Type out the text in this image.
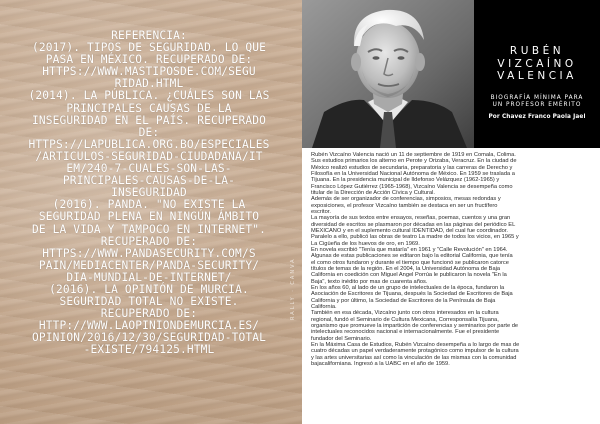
REFERENCIA:
(2017). TIPOS DE SEGURIDAD. LO QUE
PASA EN MÉXICO. RECUPERADO DE:
HTTPS://WWW.MASTIPOSDE.COM/SEGU
RIDAD.HTML
(2014). LA PÚBLICA. ¿CUÁLES SON LAS
PRINCIPALES CAUSAS DE LA
INSEGURIDAD EN EL PAÍS. RECUPERADO
DE:
HTTPS://LAPUBLICA.ORG.BO/ESPECIALES
/ARTICULOS-SEGURIDAD-CIUDADANA/IT
EM/240-7-CUALES-SON-LAS-
PRINCIPALES-CAUSAS-DE-LA-
INSEGURIDAD
(2016). PANDA. "NO EXISTE LA
SEGURIDAD PLENA EN NINGÚN ÁMBITO
DE LA VIDA Y TAMPOCO EN INTERNET".
RECUPERADO DE:
HTTPS://WWW.PANDASECURITY.COM/S
PAIN/MEDIACENTER/PANDA-SECURITY/
DIA-MUNDIAL-DE-INTERNET/
(2016). LA OPINIÓN DE MURCIA.
SEGURIDAD TOTAL NO EXISTE.
RECUPERADO DE:
HTTP://WWW.LAOPINIONDEMURCIA.ES/
OPINION/2016/12/30/SEGURIDAD-TOTAL
-EXISTE/794125.HTML

RALLY · CANVA
RUBÉN
VIZCAÍNO
VALENCIA
BIOGRAFÍA MÍNIMA PARA
UN PROFESOR EMÉRITO
Por Chavez Franco Paola Jael

Rubén Vizcaíno Valencia nació un 11 de septiembre de 1919 en Comala, Colima.
Sus estudios primarios los alterno en Perote y Orizaba, Veracruz. En la ciudad de
México realizó estudios de secundaria, preparatoria y las carreras de Derecho y
Filosofía en la Universidad Nacional Autónoma de México. En 1959 se traslada a
Tijuana. En la presidencia municipal de Ildefonso Velázquez (1962-1965) y
Francisco López Gutiérrez (1965-1968), Vizcaíno Valencia se desempeña como
titular de la Dirección de Acción Cívica y Cultural.
Además de ser organizador de conferencias, simposios, mesas redondas y
exposiciones, el profesor Vizcaíno también se destaca en ser un fructífero
escritor.
La mayoría de sus textos entre ensayos, reseñas, poemas, cuentos y una gran
diversidad de escritos se plasmaron por décadas en las páginas del periódico EL
MEXICANO y en el suplemento cultural IDENTIDAD, del cual fue coordinador.
Paralelo a ello, publicó las obras de teatro La madre de todos los vicios, en 1965 y
La Cigüeña de los huevos de oro, en 1969.
En novela escribió "Tenía que mataría" en 1961 y "Calle Revolución" en 1964.
Algunas de estas publicaciones se editaron bajo la editorial California, que tenía
el como otros fundaron y durante el tiempo que funcionó se publicaron catorce
títulos de temas de la región. En el 2004, la Universidad Autónoma de Baja
California en coedición con Miguel Angel Porrúa le publicaron la novela "En la
Baja", texto inédito por mas de cuarenta años.
En los años 60, al lado de un grupo de intelectuales de la época, fundaron la
Asociación de Escritores de Tijuana, después la Sociedad de Escritores de Baja
California y por último, la Sociedad de Escritores de la Península de Baja
California.
También en esa década, Vizcaíno junto con otros interesados en la cultura
regional, fundó el Seminario de Cultura Mexicana, Corresponsalía Tijuana,
organismo que promueve la impartición de conferencias y seminarios por parte de
intelectuales reconocidos nacional e internacionalmente. Fue el presidente
fundador del Seminario.
En la Máxima Casa de Estudios, Rubén Vizcaíno desempeña a lo largo de mas de
cuatro décadas un papel verdaderamente protagónico como impulsor de la cultura
y las artes universitarias así como la vinculación de las mismas con la comunidad
bajacaliforniana. Ingresó a la UABC en el año de 1959.
